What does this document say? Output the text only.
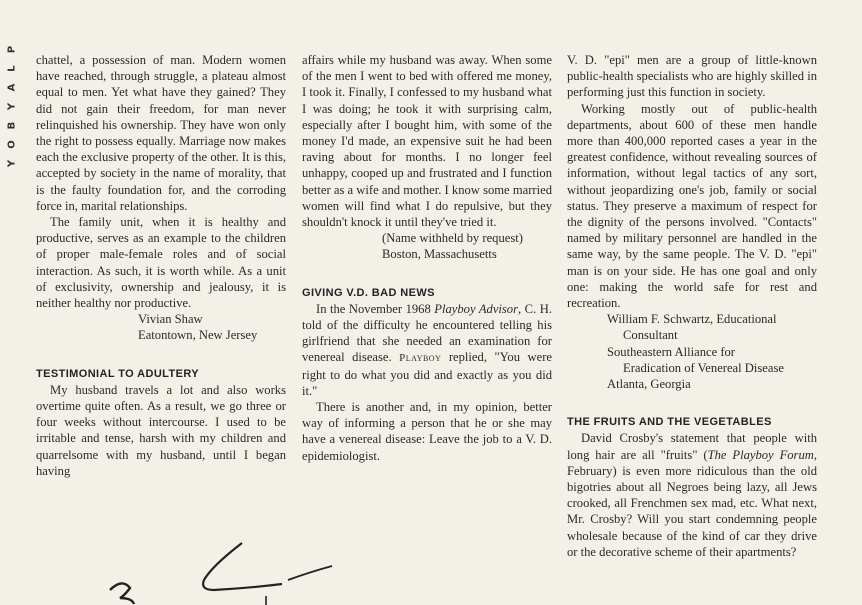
P
L
A
Y
B
O
Y

chattel, a possession of man. Modern women have reached, through struggle, a plateau almost equal to men. Yet what have they gained? They did not gain their freedom, for man never relinquished his ownership. They have won only the right to possess equally. Marriage now makes each the exclusive property of the other. It is this, accepted by society in the name of morality, that is the faulty foundation for, and the corroding force in, marital relationships.

The family unit, when it is healthy and productive, serves as an example to the children of proper male-female roles and of social interaction. As such, it is worth while. As a unit of exclusivity, ownership and jealousy, it is neither healthy nor productive.

Vivian Shaw

Eatontown, New Jersey

TESTIMONIAL TO ADULTERY

My husband travels a lot and also works overtime quite often. As a result, we go three or four weeks without intercourse. I used to be irritable and tense, harsh with my children and quarrelsome with my husband, until I began having

affairs while my husband was away. When some of the men I went to bed with offered me money, I took it. Finally, I confessed to my husband what I was doing; he took it with surprising calm, especially after I bought him, with some of the money I'd made, an expensive suit he had been raving about for months. I no longer feel unhappy, cooped up and frustrated and I function better as a wife and mother. I know some married women will find what I do repulsive, but they shouldn't knock it until they've tried it.

(Name withheld by request)

Boston, Massachusetts

GIVING V.D. BAD NEWS

In the November 1968 Playboy Advisor, C. H. told of the difficulty he encountered telling his girlfriend that she needed an examination for venereal disease. Playboy replied, "You were right to do what you did and exactly as you did it."

There is another and, in my opinion, better way of informing a person that he or she may have a venereal disease: Leave the job to a V. D. epidemiologist.

V. D. "epi" men are a group of little-known public-health specialists who are highly skilled in performing just this function in society.

Working mostly out of public-health departments, about 600 of these men handle more than 400,000 reported cases a year in the greatest confidence, without revealing sources of information, without legal tactics of any sort, without jeopardizing one's job, family or social status. They preserve a maximum of respect for the dignity of the persons involved. "Contacts" named by military personnel are handled in the same way, by the same people. The V. D. "epi" man is on your side. He has one goal and only one: making the world safe for rest and recreation.

William F. Schwartz, Educational

Consultant

Southeastern Alliance for

Eradication of Venereal Disease

Atlanta, Georgia

THE FRUITS AND THE VEGETABLES

David Crosby's statement that people with long hair are all "fruits" (The Playboy Forum, February) is even more ridiculous than the old bigotries about all Negroes being lazy, all Jews crooked, all Frenchmen sex mad, etc. What next, Mr. Crosby? Will you start condemning people wholesale because of the kind of car they drive or the decorative scheme of their apartments?
